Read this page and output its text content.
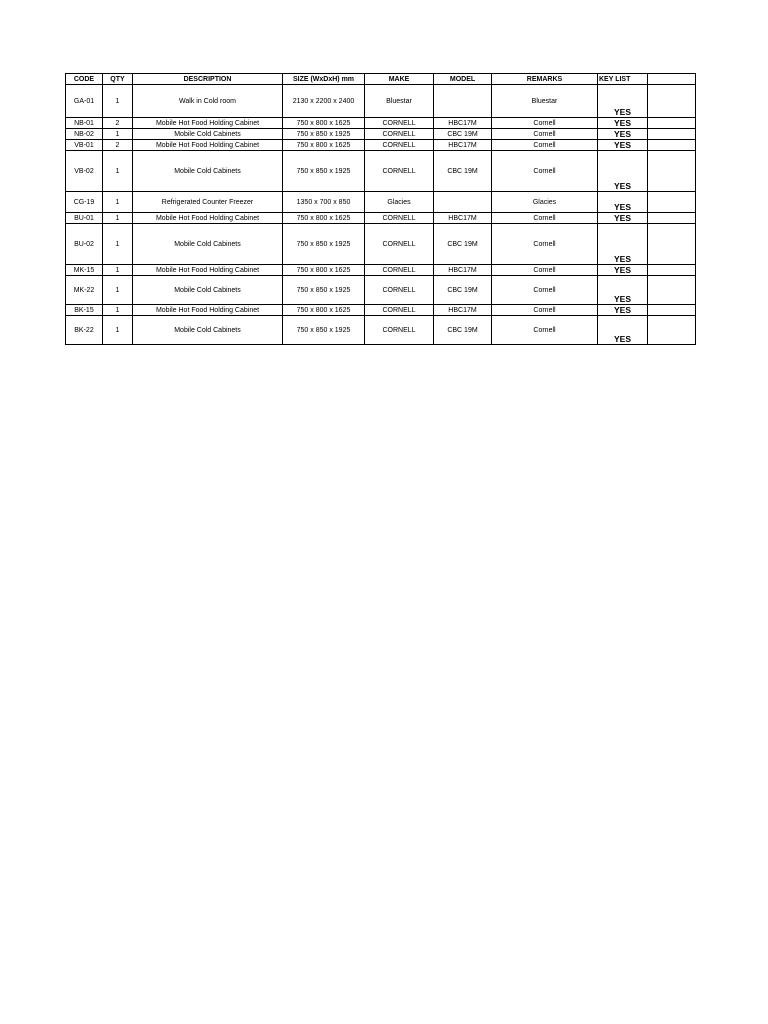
CODE	QTY	DESCRIPTION	SIZE (WxDxH) mm	MAKE	MODEL	REMARKS	KEY LIST	
GA-01	1	Walk in Cold room	2130 x 2200 x 2400	Bluestar		Bluestar	YES	
NB-01	2	Mobile Hot Food Holding Cabinet	750 x 800 x 1625	CORNELL	HBC17M	Cornell	YES	
NB-02	1	Mobile Cold Cabinets	750 x 850 x 1925	CORNELL	CBC 19M	Cornell	YES	
VB-01	2	Mobile Hot Food Holding Cabinet	750 x 800 x 1625	CORNELL	HBC17M	Cornell	YES	
VB-02	1	Mobile Cold Cabinets	750 x 850 x 1925	CORNELL	CBC 19M	Cornell	YES	
CG-19	1	Refrigerated Counter Freezer	1350 x 700 x 850	Glacies		Glacies	YES	
BU-01	1	Mobile Hot Food Holding Cabinet	750 x 800 x 1625	CORNELL	HBC17M	Cornell	YES	
BU-02	1	Mobile Cold Cabinets	750 x 850 x 1925	CORNELL	CBC 19M	Cornell	YES	
MK-15	1	Mobile Hot Food Holding Cabinet	750 x 800 x 1625	CORNELL	HBC17M	Cornell	YES	
MK-22	1	Mobile Cold Cabinets	750 x 850 x 1925	CORNELL	CBC 19M	Cornell	YES	
BK-15	1	Mobile Hot Food Holding Cabinet	750 x 800 x 1625	CORNELL	HBC17M	Cornell	YES	
BK-22	1	Mobile Cold Cabinets	750 x 850 x 1925	CORNELL	CBC 19M	Cornell	YES	
